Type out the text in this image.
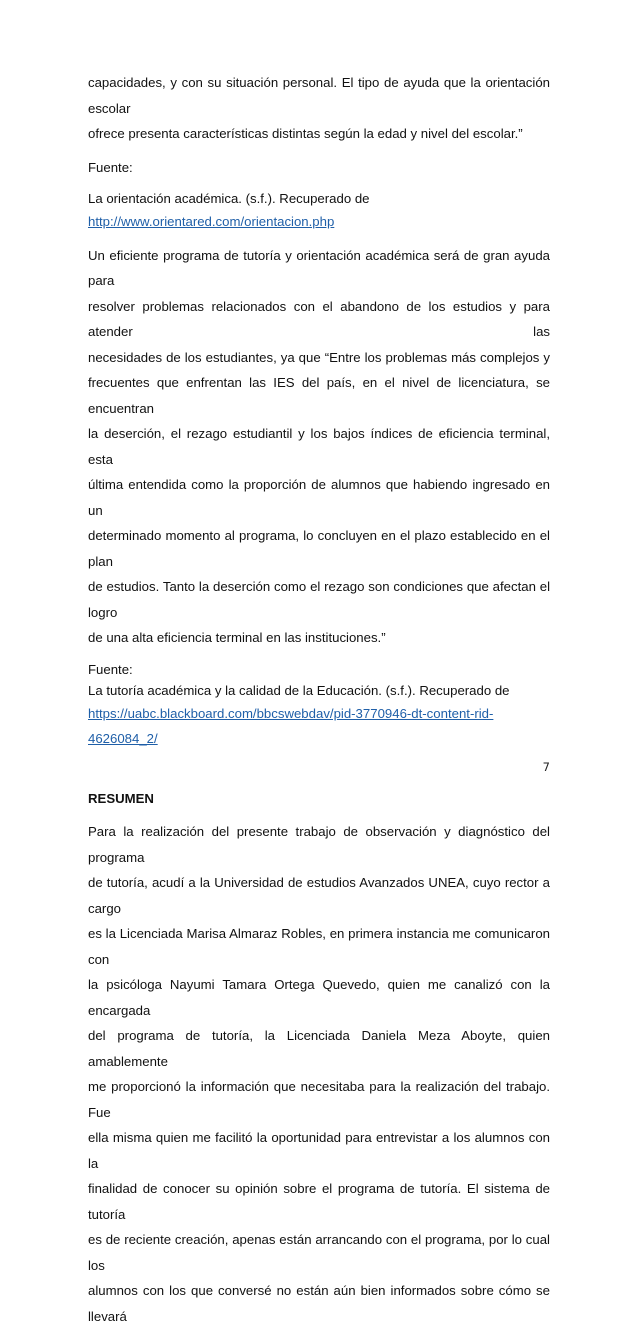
capacidades, y con su situación personal. El tipo de ayuda que la orientación escolar
ofrece presenta características distintas según la edad y nivel del escolar.”

Fuente:

La orientación académica. (s.f.). Recuperado de

http://www.orientared.com/orientacion.php

Un eficiente programa de tutoría y orientación académica será de gran ayuda para
resolver problemas relacionados con el abandono de los estudios y para atender las
necesidades de los estudiantes, ya que “Entre los problemas más complejos y
frecuentes que enfrentan las IES del país, en el nivel de licenciatura, se encuentran
la deserción, el rezago estudiantil y los bajos índices de eficiencia terminal, esta
última entendida como la proporción de alumnos que habiendo ingresado en un
determinado momento al programa, lo concluyen en el plazo establecido en el plan
de estudios. Tanto la deserción como el rezago son condiciones que afectan el logro
de una alta eficiencia terminal en las instituciones.”

Fuente:

La tutoría académica y la calidad de la Educación. (s.f.). Recuperado de

https://uabc.blackboard.com/bbcswebdav/pid-3770946-dt-content-rid-4626084_2/

RESUMEN

Para la realización del presente trabajo de observación y diagnóstico del programa
de tutoría, acudí a la Universidad de estudios Avanzados UNEA, cuyo rector a cargo
es la Licenciada Marisa Almaraz Robles, en primera instancia me comunicaron con
la psicóloga Nayumi Tamara Ortega Quevedo, quien me canalizó con la encargada
del programa de tutoría, la Licenciada Daniela Meza Aboyte, quien amablemente
me proporcionó la información que necesitaba para la realización del trabajo. Fue
ella misma quien me facilitó la oportunidad para entrevistar a los alumnos con la
finalidad de conocer su opinión sobre el programa de tutoría. El sistema de tutoría
es de reciente creación, apenas están arrancando con el programa, por lo cual los
alumnos con los que conversé no están aún bien informados sobre cómo se llevará

7
